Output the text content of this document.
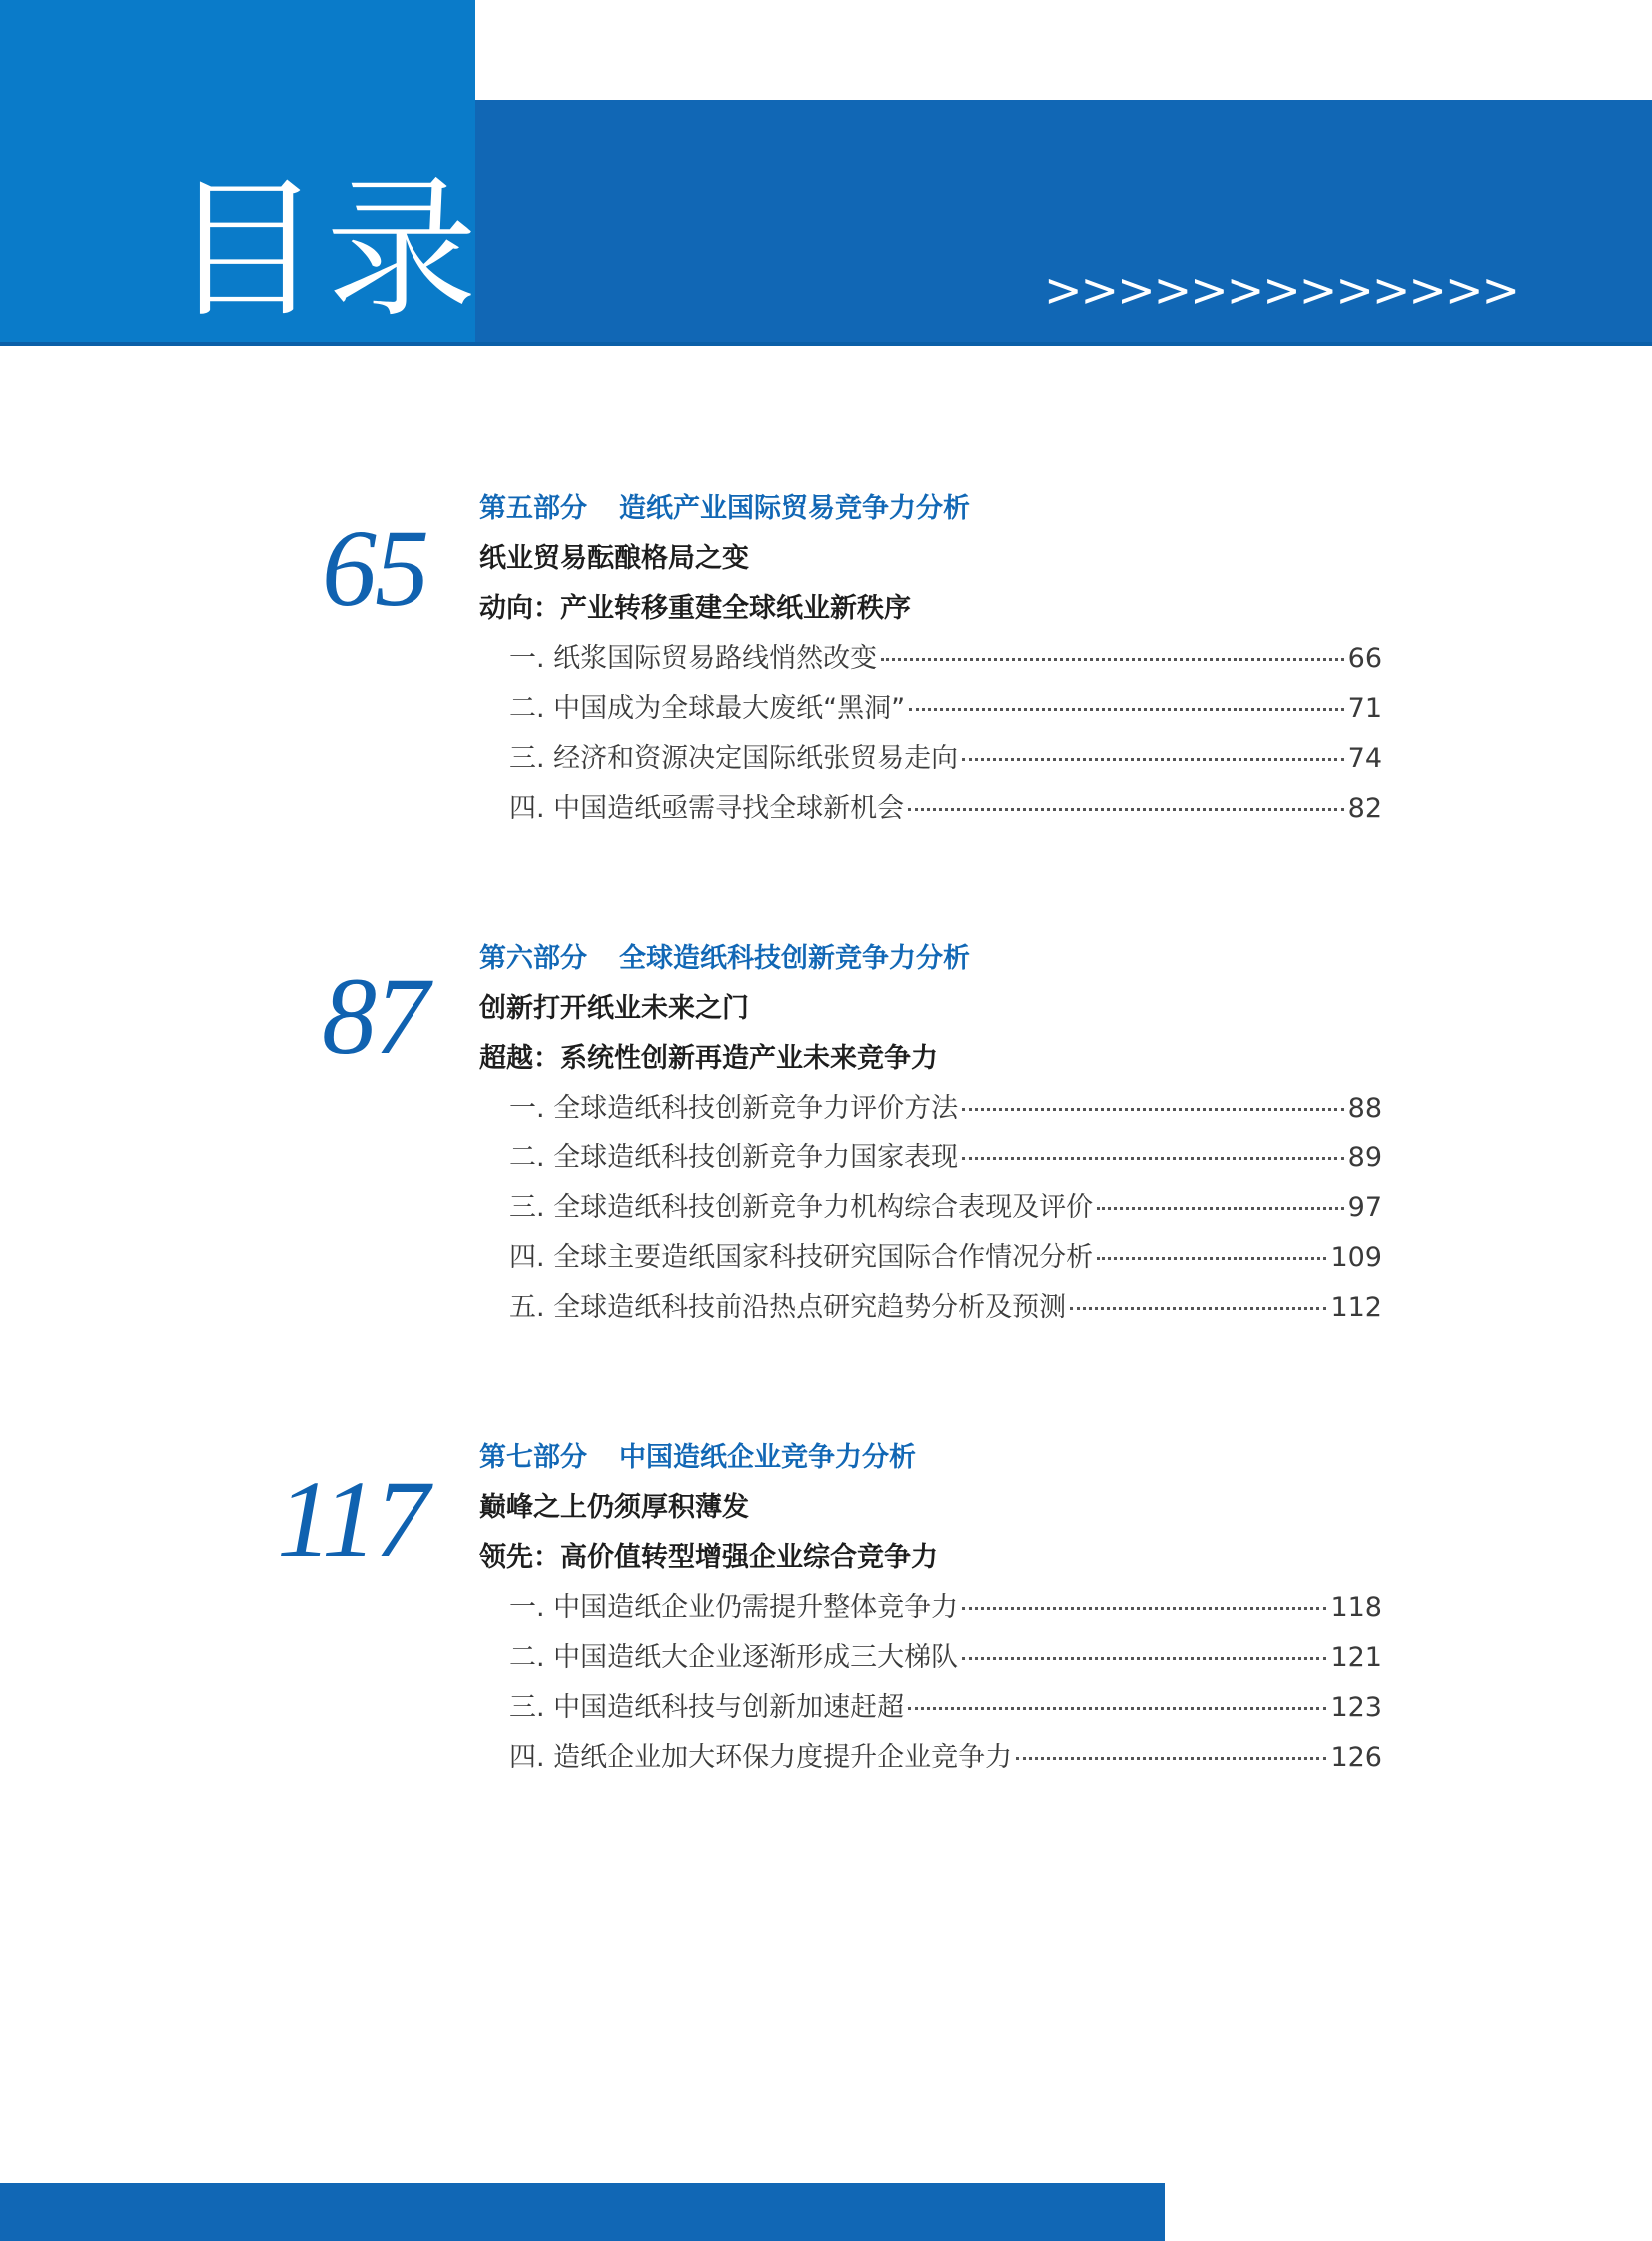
目录	>>>>>>>>>>>>>
65 第五部分 造纸产业国际贸易竞争力分析
纸业贸易酝酿格局之变
动向：产业转移重建全球纸业新秩序
一. 纸浆国际贸易路线悄然改变	66
二. 中国成为全球最大废纸“黑洞”	71
三. 经济和资源决定国际纸张贸易走向	74
四. 中国造纸亟需寻找全球新机会	82
87 第六部分 全球造纸科技创新竞争力分析
创新打开纸业未来之门
超越：系统性创新再造产业未来竞争力
一. 全球造纸科技创新竞争力评价方法	88
二. 全球造纸科技创新竞争力国家表现	89
三. 全球造纸科技创新竞争力机构综合表现及评价	97
四. 全球主要造纸国家科技研究国际合作情况分析	109
五. 全球造纸科技前沿热点研究趋势分析及预测	112
117
第七部分 中国造纸企业竞争力分析
巅峰之上仍须厚积薄发
领先：高价值转型增强企业综合竞争力
一. 中国造纸企业仍需提升整体竞争力	118
二. 中国造纸大企业逐渐形成三大梯队	121
三. 中国造纸科技与创新加速赶超	123
四. 造纸企业加大环保力度提升企业竞争力	126
